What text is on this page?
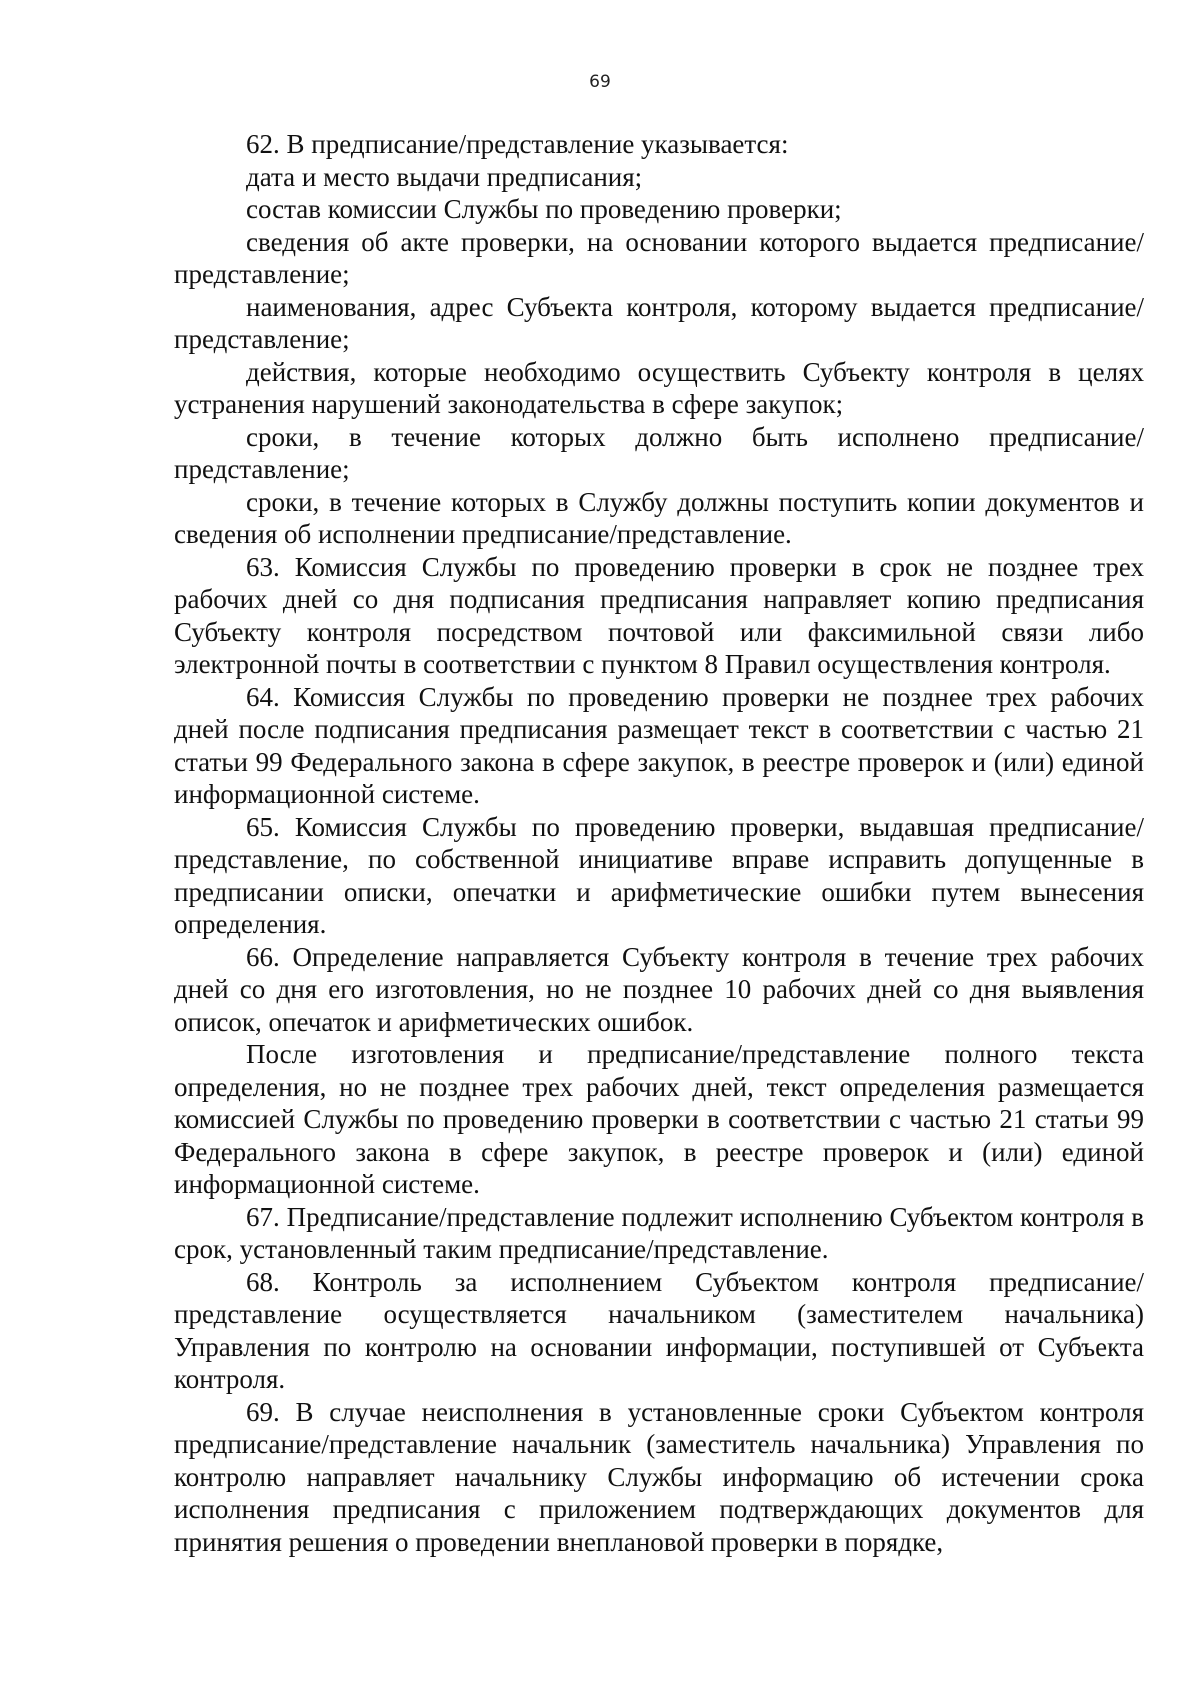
69

62. В предписание/представление указывается:

дата и место выдачи предписания;

состав комиссии Службы по проведению проверки;

сведения об акте проверки, на основании которого выдается предписание/представление;

наименования, адрес Субъекта контроля, которому выдается предписание/представление;

действия, которые необходимо осуществить Субъекту контроля в целях устранения нарушений законодательства в сфере закупок;

сроки, в течение которых должно быть исполнено предписание/представление;

сроки, в течение которых в Службу должны поступить копии документов и сведения об исполнении предписание/представление.

63. Комиссия Службы по проведению проверки в срок не позднее трех рабочих дней со дня подписания предписания направляет копию предписания Субъекту контроля посредством почтовой или факсимильной связи либо электронной почты в соответствии с пунктом 8 Правил осуществления контроля.

64. Комиссия Службы по проведению проверки не позднее трех рабочих дней после подписания предписания размещает текст в соответствии с частью 21 статьи 99 Федерального закона в сфере закупок, в реестре проверок и (или) единой информационной системе.

65. Комиссия Службы по проведению проверки, выдавшая предписание/представление, по собственной инициативе вправе исправить допущенные в предписании описки, опечатки и арифметические ошибки путем вынесения определения.

66. Определение направляется Субъекту контроля в течение трех рабочих дней со дня его изготовления, но не позднее 10 рабочих дней со дня выявления описок, опечаток и арифметических ошибок.

После изготовления и предписание/представление полного текста определения, но не позднее трех рабочих дней, текст определения размещается комиссией Службы по проведению проверки в соответствии с частью 21 статьи 99 Федерального закона в сфере закупок, в реестре проверок и (или) единой информационной системе.

67. Предписание/представление подлежит исполнению Субъектом контроля в срок, установленный таким предписание/представление.

68. Контроль за исполнением Субъектом контроля предписание/представление осуществляется начальником (заместителем начальника) Управления по контролю на основании информации, поступившей от Субъекта контроля.

69. В случае неисполнения в установленные сроки Субъектом контроля предписание/представление начальник (заместитель начальника) Управления по контролю направляет начальнику Службы информацию об истечении срока исполнения предписания с приложением подтверждающих документов для принятия решения о проведении внеплановой проверки в порядке,
